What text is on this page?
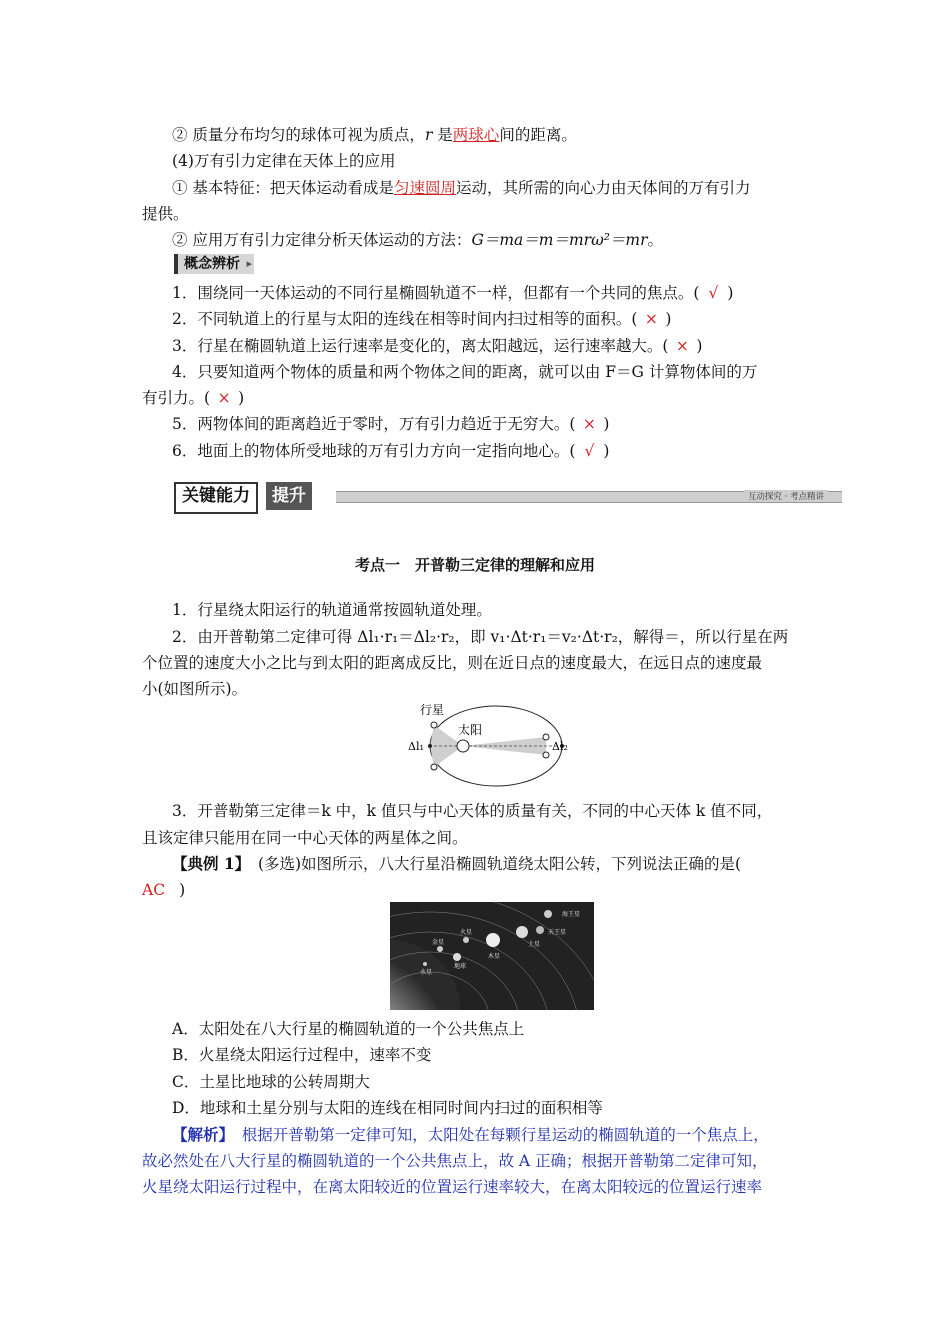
② 质量分布均匀的球体可视为质点，r 是两球心间的距离。
(4)万有引力定律在天体上的应用
① 基本特征：把天体运动看成是匀速圆周运动，其所需的向心力由天体间的万有引力
提供。
② 应用万有引力定律分析天体运动的方法：G＝ma＝m＝mrω²＝mr。
概念辨析 ▸
1．围绕同一天体运动的不同行星椭圆轨道不一样，但都有一个共同的焦点。( √ )
2．不同轨道上的行星与太阳的连线在相等时间内扫过相等的面积。( × )
3．行星在椭圆轨道上运行速率是变化的，离太阳越远，运行速率越大。( × )
4．只要知道两个物体的质量和两个物体之间的距离，就可以由 F＝G 计算物体间的万
有引力。( × )
5．两物体间的距离趋近于零时，万有引力趋近于无穷大。( × )
6．地面上的物体所受地球的万有引力方向一定指向地心。( √ )
关键能力	提升	互动探究 · 考点精讲
考点一　开普勒三定律的理解和应用
1．行星绕太阳运行的轨道通常按圆轨道处理。
2．由开普勒第二定律可得 Δl₁·r₁＝Δl₂·r₂，即 v₁·Δt·r₁＝v₂·Δt·r₂，解得＝，所以行星在两
个位置的速度大小之比与到太阳的距离成反比，则在近日点的速度最大，在远日点的速度最
小(如图所示)。
行星
太阳
Δl₁	Δl₂
3．开普勒第三定律＝k 中，k 值只与中心天体的质量有关，不同的中心天体 k 值不同，
且该定律只能用在同一中心天体的两星体之间。
【典例 1】　(多选)如图所示，八大行星沿椭圆轨道绕太阳公转，下列说法正确的是(
AC )
海王星
天王星
土星
木星
火星
地球
金星
水星
A．太阳处在八大行星的椭圆轨道的一个公共焦点上
B．火星绕太阳运行过程中，速率不变
C．土星比地球的公转周期大
D．地球和土星分别与太阳的连线在相同时间内扫过的面积相等
【解析】　根据开普勒第一定律可知，太阳处在每颗行星运动的椭圆轨道的一个焦点上，
故必然处在八大行星的椭圆轨道的一个公共焦点上，故 A 正确；根据开普勒第二定律可知，
火星绕太阳运行过程中，在离太阳较近的位置运行速率较大，在离太阳较远的位置运行速率
